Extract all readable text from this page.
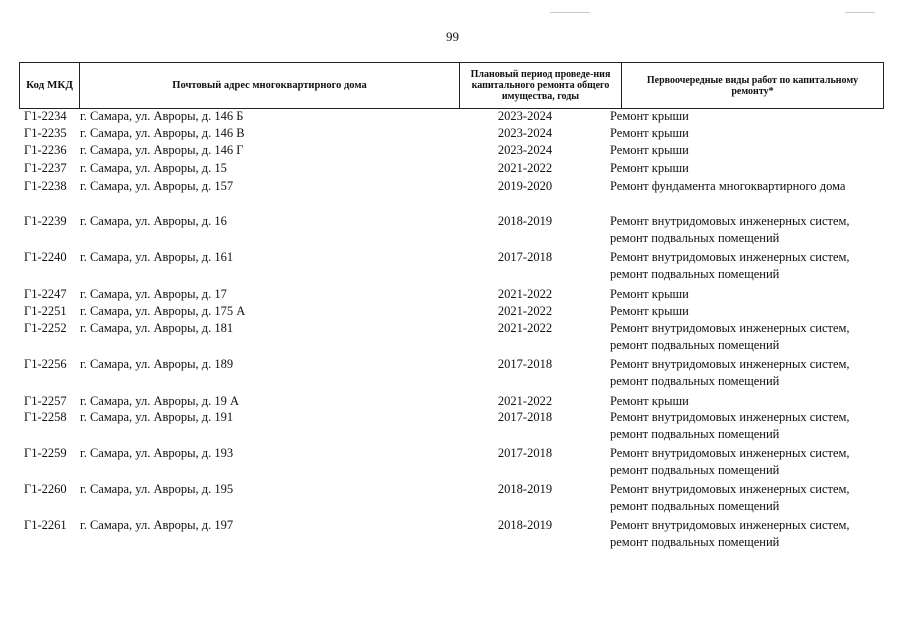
99
Код МКД	Почтовый адрес многоквартирного дома	Плановый период проведе-ния капитального ремонта общего имущества, годы	Первоочередные виды работ по капитальному ремонту*
Г1-2234 г. Самара, ул. Авроры, д. 146 Б	2023-2024	Ремонт крыши
Г1-2235 г. Самара, ул. Авроры, д. 146 В	2023-2024	Ремонт крыши
Г1-2236 г. Самара, ул. Авроры, д. 146 Г	2023-2024	Ремонт крыши
Г1-2237 г. Самара, ул. Авроры, д. 15	2021-2022	Ремонт крыши
Г1-2238 г. Самара, ул. Авроры, д. 157	2019-2020	Ремонт фундамента многоквартирного дома
Г1-2239 г. Самара, ул. Авроры, д. 16	2018-2019	Ремонт внутридомовых инженерных систем,
ремонт подвальных помещений
Г1-2240 г. Самара, ул. Авроры, д. 161	2017-2018	Ремонт внутридомовых инженерных систем,
ремонт подвальных помещений
Г1-2247 г. Самара, ул. Авроры, д. 17	2021-2022	Ремонт крыши
Г1-2251 г. Самара, ул. Авроры, д. 175 А	2021-2022	Ремонт крыши
Г1-2252 г. Самара, ул. Авроры, д. 181	2021-2022	Ремонт внутридомовых инженерных систем,
ремонт подвальных помещений
Г1-2256 г. Самара, ул. Авроры, д. 189	2017-2018	Ремонт внутридомовых инженерных систем,
ремонт подвальных помещений
Г1-2257 г. Самара, ул. Авроры, д. 19 А	2021-2022	Ремонт крыши
Г1-2258 г. Самара, ул. Авроры, д. 191	2017-2018	Ремонт внутридомовых инженерных систем,
ремонт подвальных помещений
Г1-2259 г. Самара, ул. Авроры, д. 193	2017-2018	Ремонт внутридомовых инженерных систем,
ремонт подвальных помещений
Г1-2260 г. Самара, ул. Авроры, д. 195	2018-2019	Ремонт внутридомовых инженерных систем,
ремонт подвальных помещений
Г1-2261 г. Самара, ул. Авроры, д. 197	2018-2019	Ремонт внутридомовых инженерных систем,
ремонт подвальных помещений
